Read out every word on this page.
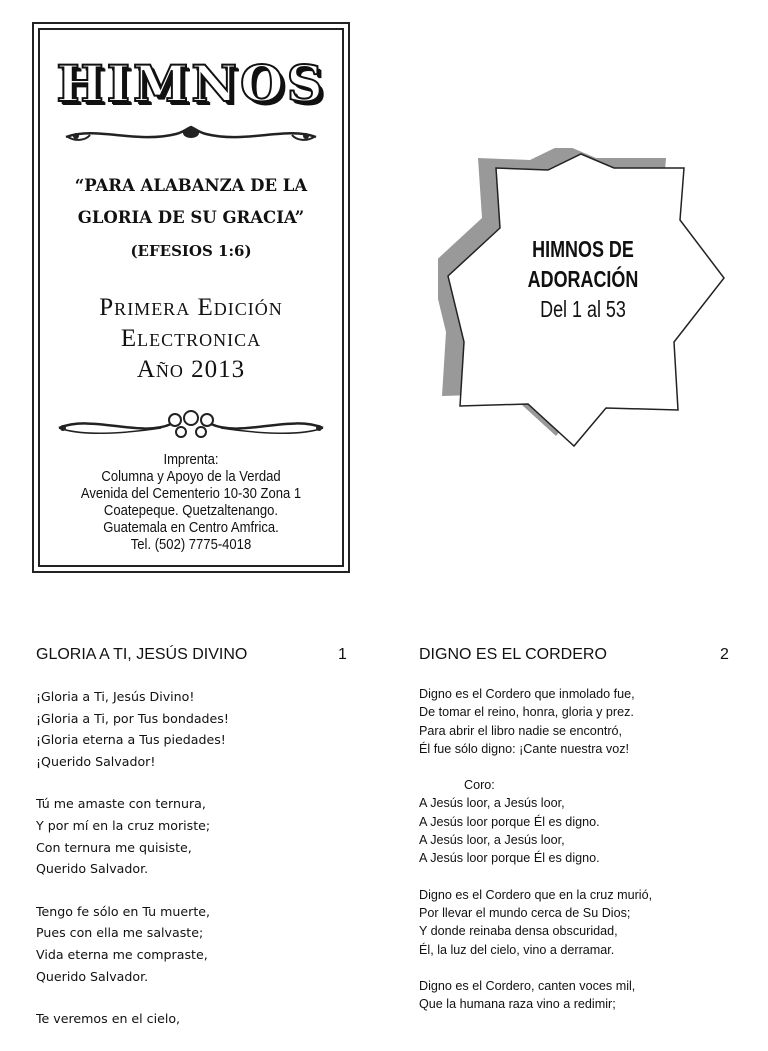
HIMNOS
“PARA ALABANZA DE LA
GLORIA DE SU GRACIA”
(EFESIOS 1:6)
Primera Edición
Electronica
Año 2013
Imprenta:
Columna y Apoyo de la Verdad
Avenida del Cementerio 10-30 Zona 1
Coatepeque. Quetzaltenango.
Guatemala en Centro Amfrica.
Tel. (502) 7775-4018
HIMNOS DE
ADORACIÓN
Del 1 al 53
GLORIA A TI, JESÚS DIVINO	1
¡Gloria a Ti, Jesús Divino!
¡Gloria a Ti, por Tus bondades!
¡Gloria eterna a Tus piedades!
¡Querido Salvador!
Tú me amaste con ternura,
Y por mí en la cruz moriste;
Con ternura me quisiste,
Querido Salvador.
Tengo fe sólo en Tu muerte,
Pues con ella me salvaste;
Vida eterna me compraste,
Querido Salvador.
Te veremos en el cielo,
DIGNO ES EL CORDERO	2
Digno es el Cordero que inmolado fue,
De tomar el reino, honra, gloria y prez.
Para abrir el libro nadie se encontró,
Él fue sólo digno: ¡Cante nuestra voz!
Coro:
A Jesús loor, a Jesús loor,
A Jesús loor porque Él es digno.
A Jesús loor, a Jesús loor,
A Jesús loor porque Él es digno.
Digno es el Cordero que en la cruz murió,
Por llevar el mundo cerca de Su Dios;
Y donde reinaba densa obscuridad,
Él, la luz del cielo, vino a derramar.
Digno es el Cordero, canten voces mil,
Que la humana raza vino a redimir;
